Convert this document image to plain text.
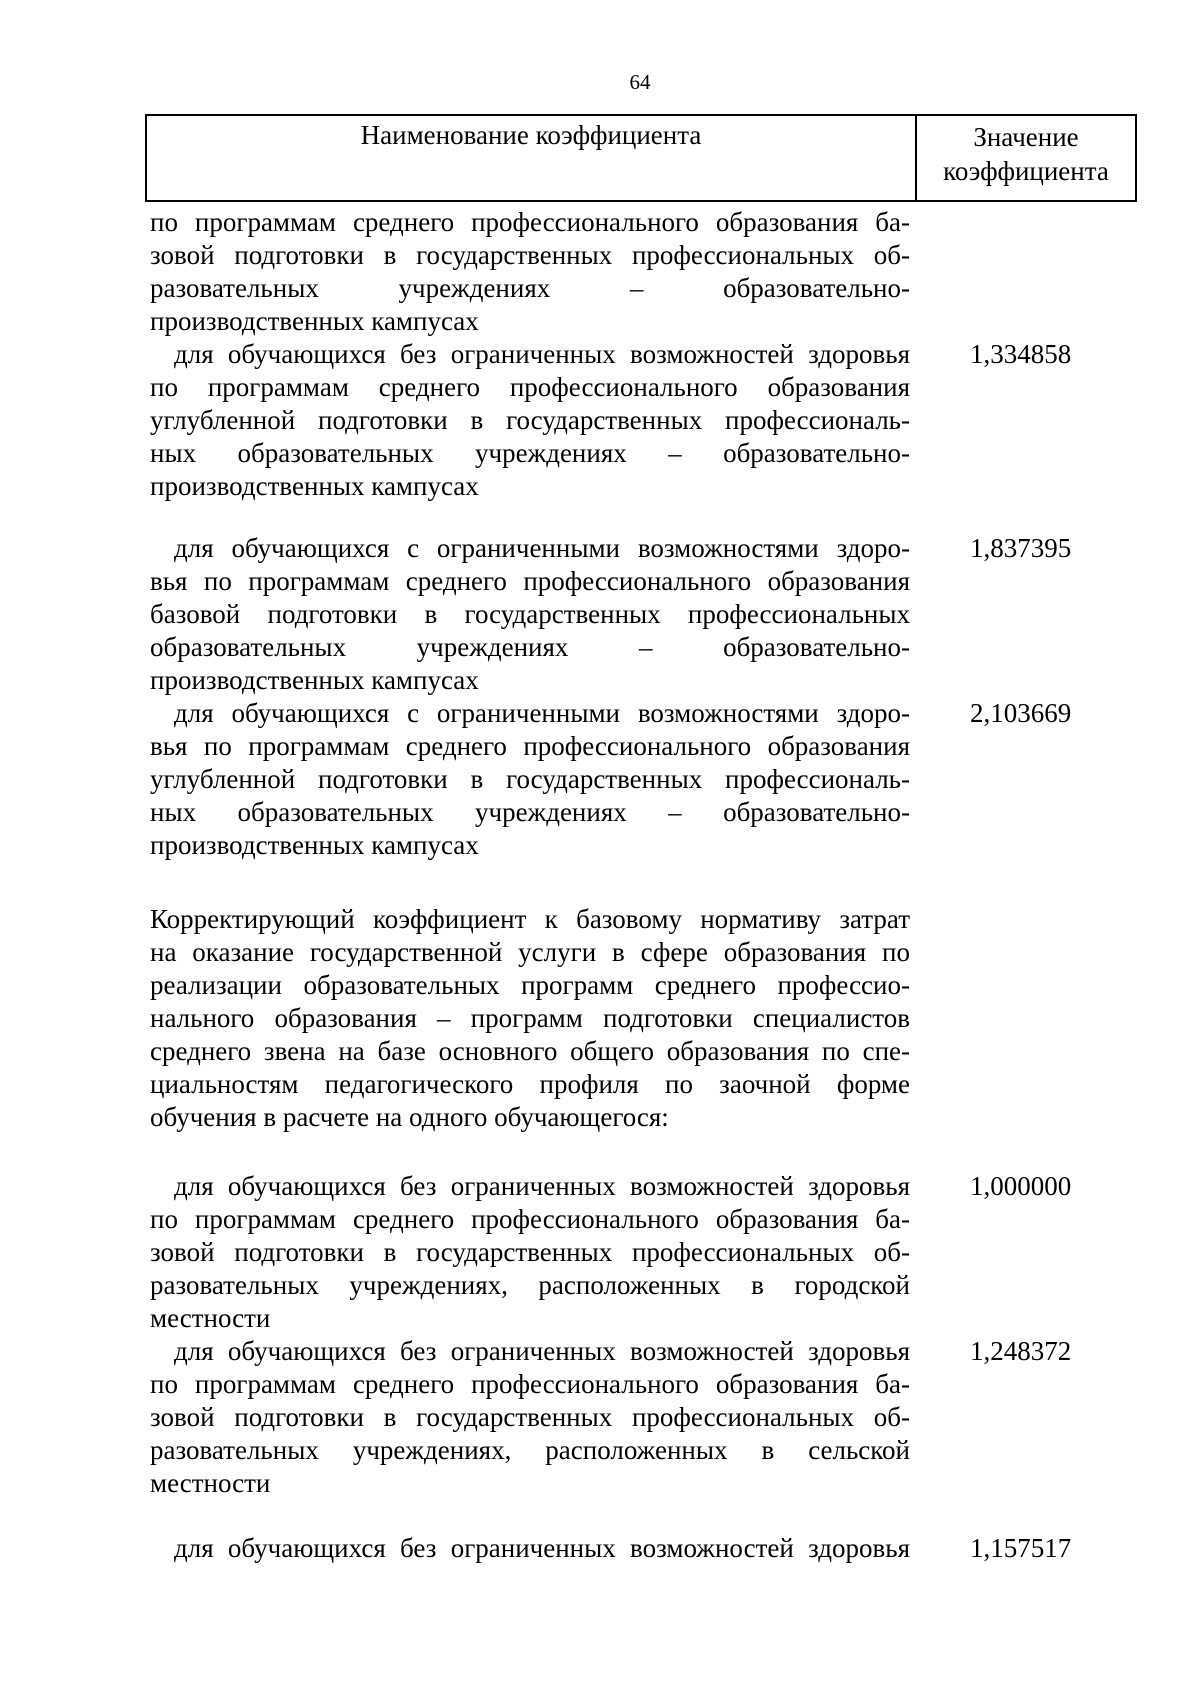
64
Наименование коэффициента	Значение
коэффициента
по программам среднего профессионального образования ба-
зовой подготовки в государственных профессиональных об-
разовательных учреждениях – образовательно-
производственных кампусах
для обучающихся без ограниченных возможностей здоровья 1,334858
по программам среднего профессионального образования
углубленной подготовки в государственных профессиональ-
ных образовательных учреждениях – образовательно-
производственных кампусах
для обучающихся с ограниченными возможностями здоро- 1,837395
вья по программам среднего профессионального образования
базовой подготовки в государственных профессиональных
образовательных учреждениях – образовательно-
производственных кампусах
для обучающихся с ограниченными возможностями здоро- 2,103669
вья по программам среднего профессионального образования
углубленной подготовки в государственных профессиональ-
ных образовательных учреждениях – образовательно-
производственных кампусах
Корректирующий коэффициент к базовому нормативу затрат
на оказание государственной услуги в сфере образования по
реализации образовательных программ среднего профессио-
нального образования – программ подготовки специалистов
среднего звена на базе основного общего образования по спе-
циальностям педагогического профиля по заочной форме
обучения в расчете на одного обучающегося:
для обучающихся без ограниченных возможностей здоровья 1,000000
по программам среднего профессионального образования ба-
зовой подготовки в государственных профессиональных об-
разовательных учреждениях, расположенных в городской
местности
для обучающихся без ограниченных возможностей здоровья 1,248372
по программам среднего профессионального образования ба-
зовой подготовки в государственных профессиональных об-
разовательных учреждениях, расположенных в сельской
местности
для обучающихся без ограниченных возможностей здоровья 1,157517
